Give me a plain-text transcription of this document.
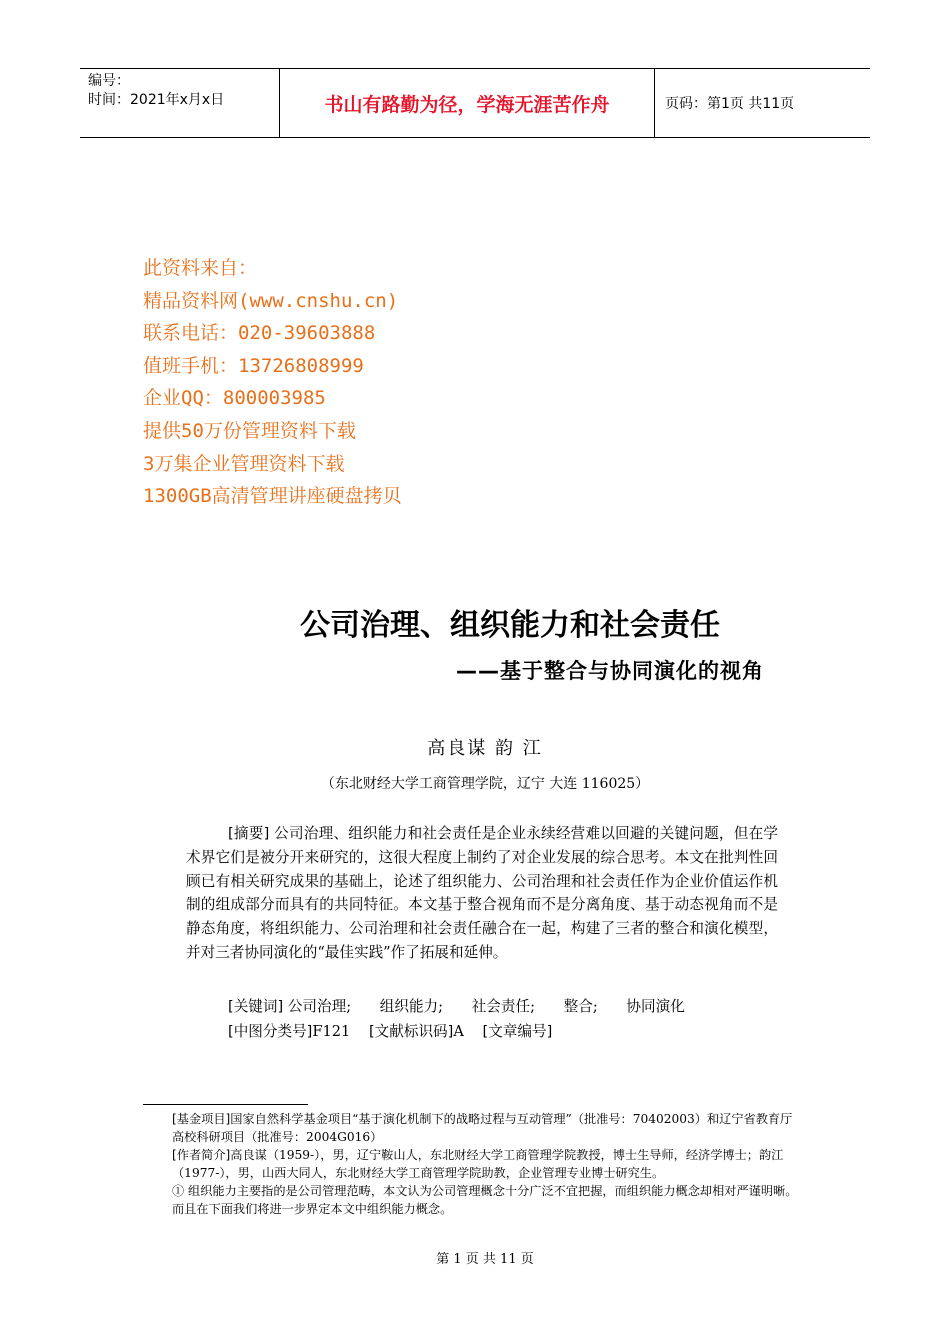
编号：
时间：2021年x月x日	书山有路勤为径，学海无涯苦作舟	页码：第1页 共11页
此资料来自：
精品资料网(www.cnshu.cn)
联系电话：020-39603888
值班手机：13726808999
企业QQ：800003985
提供50万份管理资料下载
3万集企业管理资料下载
1300GB高清管理讲座硬盘拷贝
公司治理、组织能力和社会责任
——基于整合与协同演化的视角
高良谋 韵 江
（东北财经大学工商管理学院，辽宁 大连 116025）
[摘要] 公司治理、组织能力和社会责任是企业永续经营难以回避的关键问题，但在学术界它们是被分开来研究的，这很大程度上制约了对企业发展的综合思考。本文在批判性回顾已有相关研究成果的基础上，论述了组织能力、公司治理和社会责任作为企业价值运作机制的组成部分而具有的共同特征。本文基于整合视角而不是分离角度、基于动态视角而不是静态角度，将组织能力、公司治理和社会责任融合在一起，构建了三者的整合和演化模型，并对三者协同演化的“最佳实践”作了拓展和延伸。
[关键词] 公司治理; 组织能力; 社会责任; 整合; 协同演化
[中图分类号]F121 [文献标识码]A [文章编号]

[基金项目]国家自然科学基金项目“基于演化机制下的战略过程与互动管理”（批准号：70402003）和辽宁省教育厅高校科研项目（批准号：2004G016）

[作者简介]高良谋（1959-），男，辽宁鞍山人，东北财经大学工商管理学院教授，博士生导师，经济学博士；韵江（1977-），男，山西大同人，东北财经大学工商管理学院助教，企业管理专业博士研究生。

① 组织能力主要指的是公司管理范畴，本文认为公司管理概念十分广泛不宜把握，而组织能力概念却相对严谨明晰。而且在下面我们将进一步界定本文中组织能力概念。

第 1 页 共 11 页
